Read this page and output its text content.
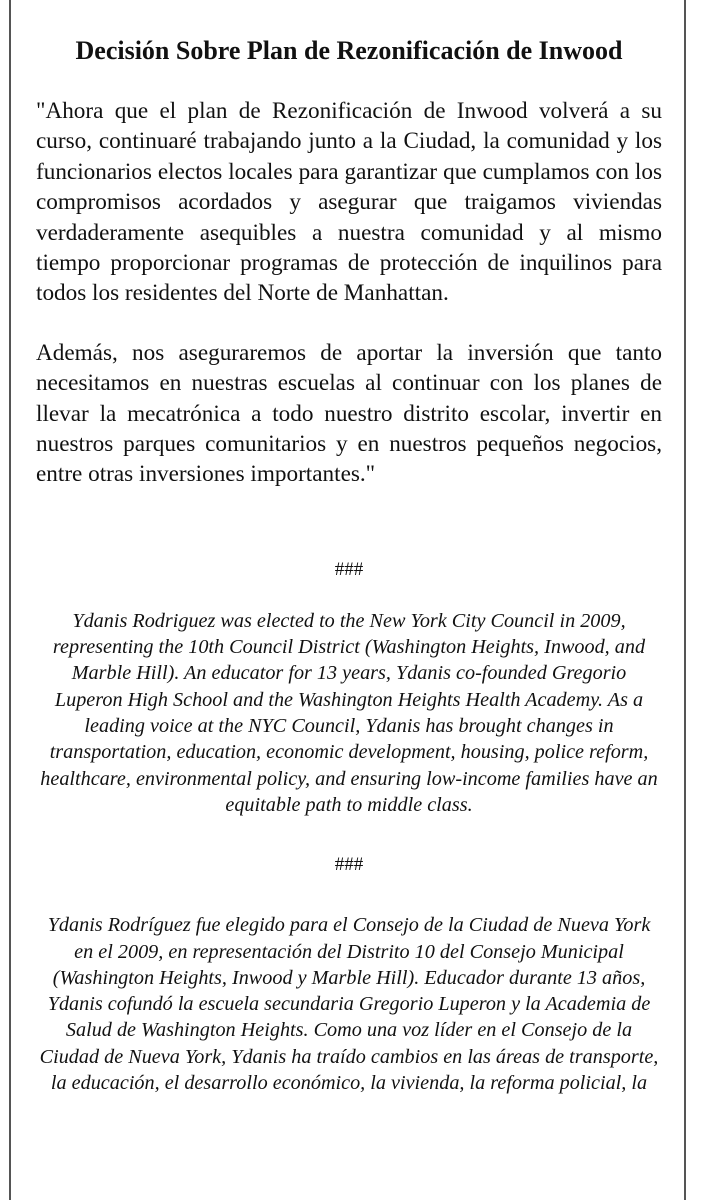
Decisión Sobre Plan de Rezonificación de Inwood

"Ahora que el plan de Rezonificación de Inwood volverá a su curso, continuaré trabajando junto a la Ciudad, la comunidad y los funcionarios electos locales para garantizar que cumplamos con los compromisos acordados y asegurar que traigamos viviendas verdaderamente asequibles a nuestra comunidad y al mismo tiempo proporcionar programas de protección de inquilinos para todos los residentes del Norte de Manhattan.

Además, nos aseguraremos de aportar la inversión que tanto necesitamos en nuestras escuelas al continuar con los planes de llevar la mecatrónica a todo nuestro distrito escolar, invertir en nuestros parques comunitarios y en nuestros pequeños negocios, entre otras inversiones importantes."

###

Ydanis Rodriguez was elected to the New York City Council in 2009, representing the 10th Council District (Washington Heights, Inwood, and Marble Hill). An educator for 13 years, Ydanis co-founded Gregorio Luperon High School and the Washington Heights Health Academy. As a leading voice at the NYC Council, Ydanis has brought changes in transportation, education, economic development, housing, police reform, healthcare, environmental policy, and ensuring low-income families have an equitable path to middle class.

###

Ydanis Rodríguez fue elegido para el Consejo de la Ciudad de Nueva York en el 2009, en representación del Distrito 10 del Consejo Municipal (Washington Heights, Inwood y Marble Hill). Educador durante 13 años, Ydanis cofundó la escuela secundaria Gregorio Luperon y la Academia de Salud de Washington Heights. Como una voz líder en el Consejo de la Ciudad de Nueva York, Ydanis ha traído cambios en las áreas de transporte, la educación, el desarrollo económico, la vivienda, la reforma policial, la
